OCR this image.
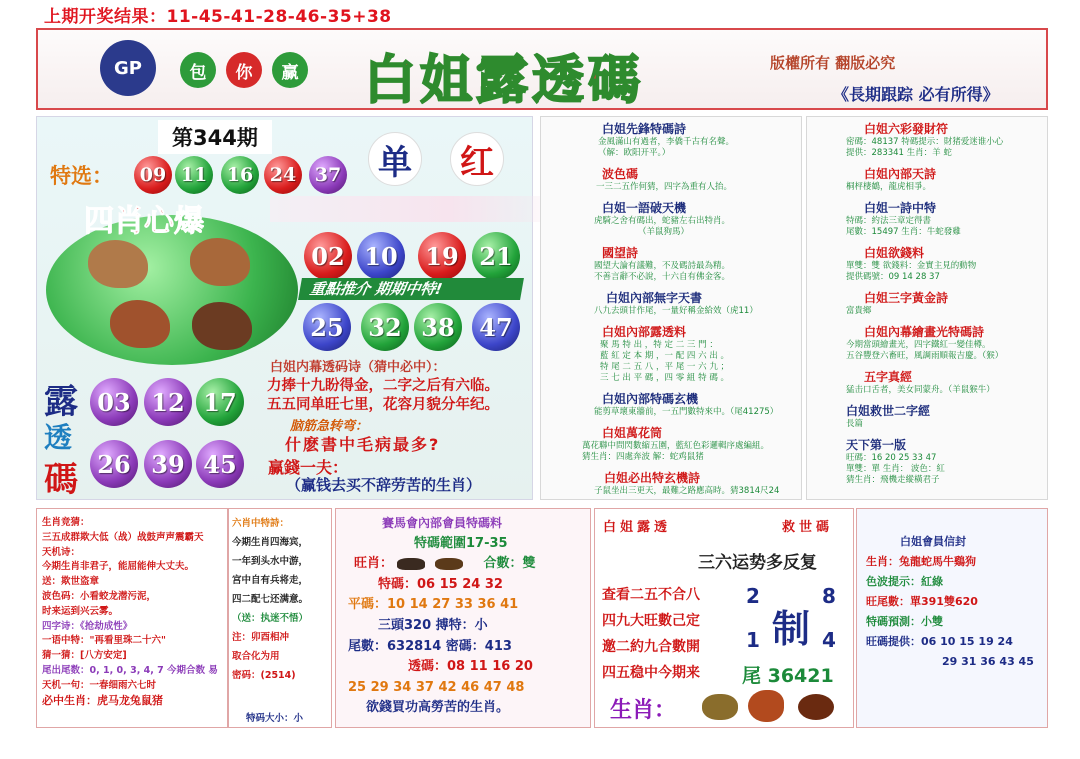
上期开奖结果：11-45-41-28-46-35+38
GP	包	你	赢 白姐露透碼	版權所有 翻版必究
《長期跟踪 必有所得》
第344期
特选：	09 11	16 24 37 单 红
四肖心爆
02 10	19 21
重點推介 期期中特!
25	32 38	47
白姐内幕透码诗（猜中必中）：
力捧十九盼得金，二字之后有六临。
五五同单旺七里，花容月貌分年纪。
脑筋急转弯：
什麽書中毛病最多?
赢錢一夫：
（赢钱去买不辞劳苦的生肖）
露
透
碼
03 12 17
26 39 45
白姐先鋒特碼詩
金風滿山有過者，李僑千古有名聲。
（解：欧阳开平。）
波色碼
一三二五作何猜，四字為重有人抬。
白姐一語破天機
虎騎之舍有碼出，蛇豬左右出特肖。
（羊鼠狗馬）
國望詩
國望大論有議難，不及碼詩最為精。
不善言辭不必說，十六自有佛金客。
白姐內部無字天書
八九去頭甘作尾，一量好稱金給效（虎11）
白姐內部露透料
聚 馬 特 出 ，特 定 二 三 門 ：
藍 紅 定 本 期 ，一 配 四 六 出 。
特 尾 二 五 八 ，平 尾 一 六 九 ；
三 七 出 平 碼 ，四 零 組 特 碼 。
白姐內部特碼玄機
能剪草壞東牆前，一五門數特來中。（尾41275）
白姐萬花筒
萬花聯中問閃數縮五圍，藍紅色彩邏輯序處編組。
猜生肖：四處奔波 解：蛇鸡鼠猪
白姐必出特玄機詩
子鼠坐出三更天，最難之路應高時。猜3814尺24
白姐六彩發財符
密碼：48137 特碼提示：財猪爱迷谁小心
提供：283341 生肖：羊 蛇
白姐內部天詩
桐枰棲鶴，龍虎相爭。
白姐一詩中特
特碼：約法三章定得書
尾數：15497 生肖：牛蛇發雞
白姐欲錢料
單雙：雙 欲錢料：金實主見的動物
提供碼號：09 14 28 37
白姐三字黃金詩
富貴鄉
白姐內幕繪畫光特碼詩
今期當頭繪畫光，四字鐵紅一變佳樽。
五谷豐登六畜旺，風調雨順報吉慶。（猴）
五字真經
猛击口舌者，美女同蒙舟。（羊鼠猴牛）
白姐救世二字經
長篇
天下第一版
旺碼：16 20 25 33 47
單雙：單 生肖： 波色：紅
猜生肖：飛機走縱橫君子
生肖竞猜：
三五成群欺大低（战）战鼓声声震霸天
天机诗：
今期生肖非君子，能屈能伸大丈夫。
送：欺世盗章
波色码：小看蛟龙潜污泥，
时来运到兴云雾。
四字诗：《抢劫成性》
一语中特："再看里珠二十六"
猜一猜：[八方安定]
尾出尾数：0, 1, 0, 3, 4, 7 今期合数 易
天机一句：一春细雨六七时
必中生肖：虎马龙兔鼠猪
六肖中特詩：
今期生肖四海宾，
一年到头水中游，
宫中自有兵将走，
四二配七还满意。
（送：执迷不悟）
注：卯酉相冲
取合化为用
密码：(2514)
特码大小：小
賽馬會內部會員特碼料
特碼範圍17-35
旺肖：	合數：雙
特碼：06 15 24 32
平碼：10 14 27 33 36 41
三頭320 搏特：小
尾數：632814 密碼：413
透碼：08 11 16 20
25 29 34 37 42 46 47 48
欲錢買功高勞苦的生肖。
白姐露透	救世碼
三六运势多反复
查看二五不合八
四九大旺數己定
邀二約九合數開
四五稳中今期来
2	8
制
1	4
尾 36421
生肖：
白姐會員信封
生肖：兔龍蛇馬牛鷄狗
色波提示：紅綠
旺尾數：單391雙620
特碼預測：小雙
旺碼提供：06 10 15 19 24
29 31 36 43 45
